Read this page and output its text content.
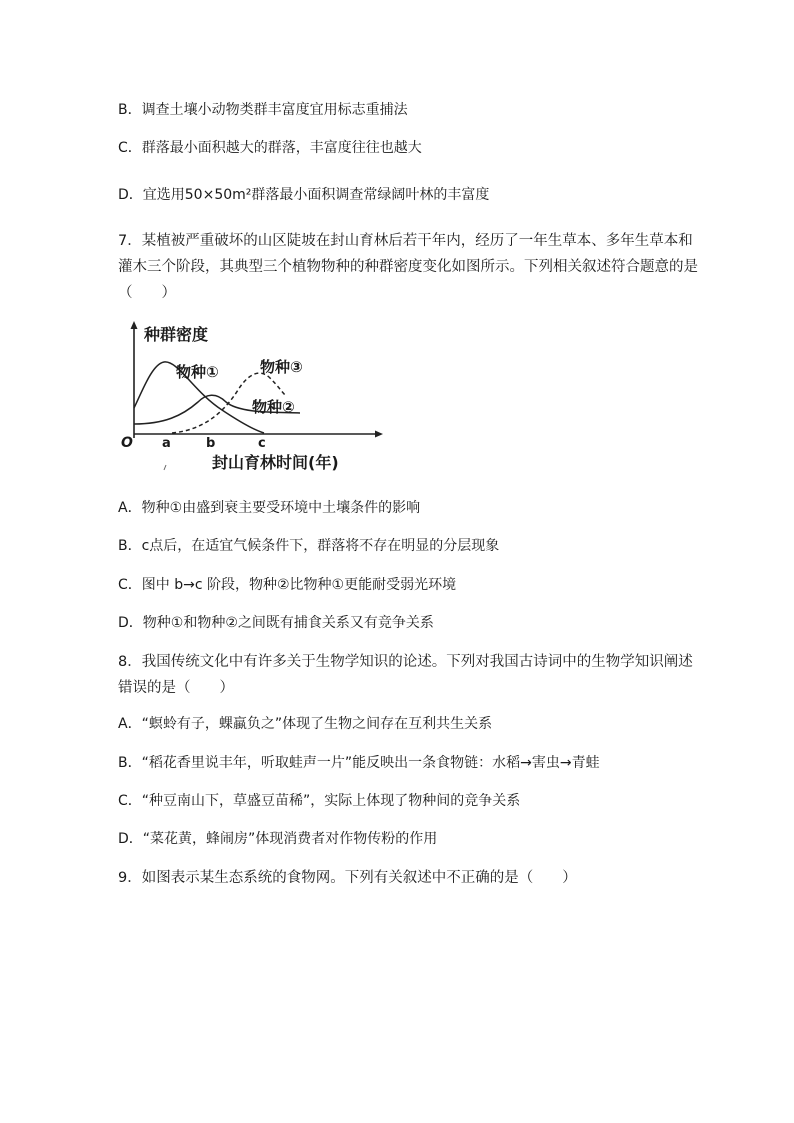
B．调查土壤小动物类群丰富度宜用标志重捕法
C．群落最小面积越大的群落，丰富度往往也越大
D．宜选用50×50m²群落最小面积调查常绿阔叶林的丰富度
7．某植被严重破坏的山区陡坡在封山育林后若干年内，经历了一年生草本、多年生草本和
灌木三个阶段，其典型三个植物物种的种群密度变化如图所示。下列相关叙述符合题意的是
（　　）
种群密度
物种①	物种③
物种②
O a	b	c
封山育林时间(年)
A．物种①由盛到衰主要受环境中土壤条件的影响
B．c点后，在适宜气候条件下，群落将不存在明显的分层现象
C．图中 b→c 阶段，物种②比物种①更能耐受弱光环境
D．物种①和物种②之间既有捕食关系又有竞争关系
8．我国传统文化中有许多关于生物学知识的论述。下列对我国古诗词中的生物学知识阐述
错误的是（　　）
A．“螟蛉有子，蜾蠃负之”体现了生物之间存在互利共生关系
B．“稻花香里说丰年，听取蛙声一片”能反映出一条食物链：水稻→害虫→青蛙
C．“种豆南山下，草盛豆苗稀”，实际上体现了物种间的竞争关系
D．“菜花黄，蜂闹房”体现消费者对作物传粉的作用
9．如图表示某生态系统的食物网。下列有关叙述中不正确的是（　　）
